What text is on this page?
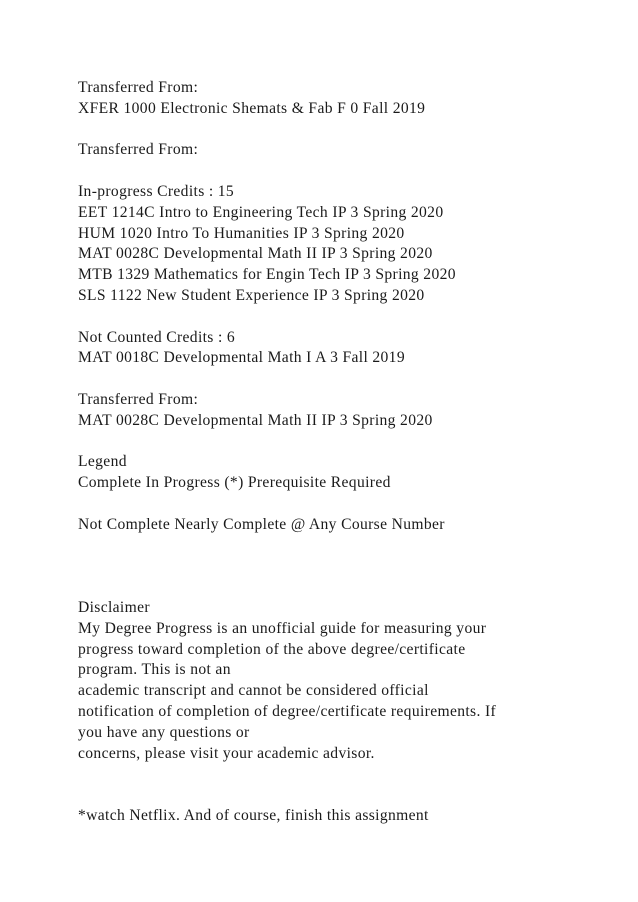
Transferred From:
XFER 1000 Electronic Shemats & Fab F 0 Fall 2019
Transferred From:
In-progress Credits : 15
EET 1214C Intro to Engineering Tech IP 3 Spring 2020
HUM 1020 Intro To Humanities IP 3 Spring 2020
MAT 0028C Developmental Math II IP 3 Spring 2020
MTB 1329 Mathematics for Engin Tech IP 3 Spring 2020
SLS 1122 New Student Experience IP 3 Spring 2020
Not Counted Credits : 6
MAT 0018C Developmental Math I A 3 Fall 2019
Transferred From:
MAT 0028C Developmental Math II IP 3 Spring 2020
Legend
Complete In Progress (*) Prerequisite Required
Not Complete Nearly Complete @ Any Course Number
Disclaimer
My Degree Progress is an unofficial guide for measuring your
progress toward completion of the above degree/certificate
program. This is not an
academic transcript and cannot be considered official
notification of completion of degree/certificate requirements. If
you have any questions or
concerns, please visit your academic advisor.
*watch Netflix. And of course, finish this assignment
